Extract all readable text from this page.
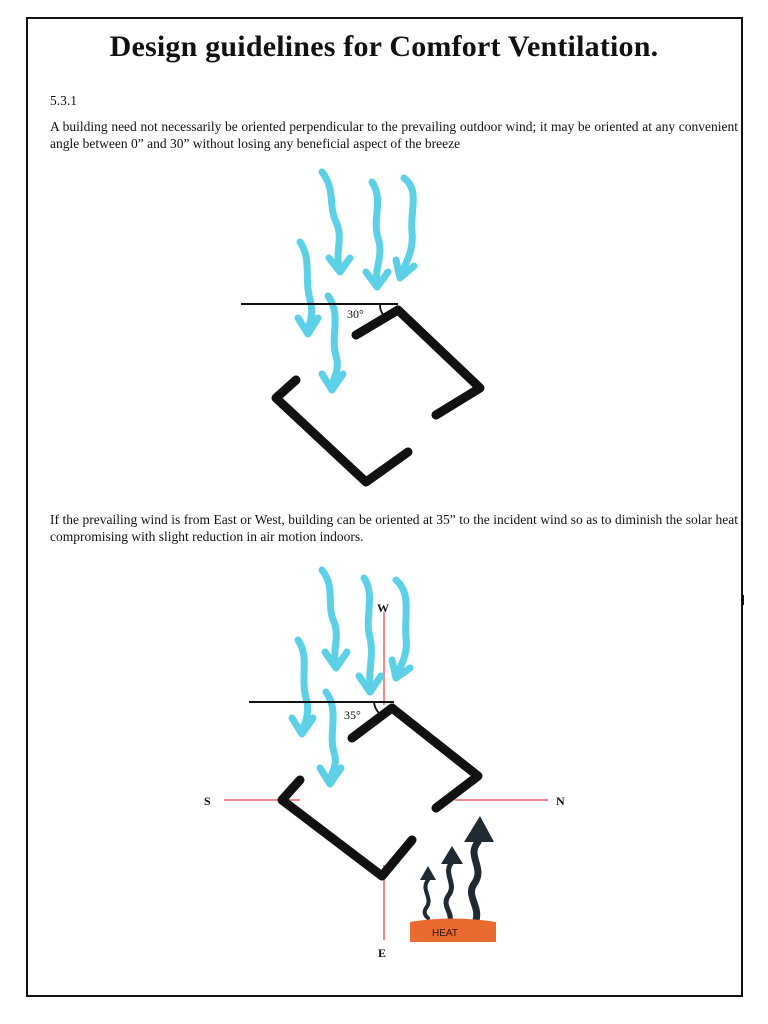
Design guidelines for Comfort Ventilation.
5.3.1

A building need not necessarily be oriented perpendicular to the prevailing outdoor wind; it may be oriented at any convenient angle between 0” and 30” without losing any beneficial aspect of the breeze

30°

If the prevailing wind is from East or West, building can be oriented at 35” to the incident wind so as to diminish the solar heat compromising with slight reduction in air motion indoors.

W
S	N
E
35°
HEAT
